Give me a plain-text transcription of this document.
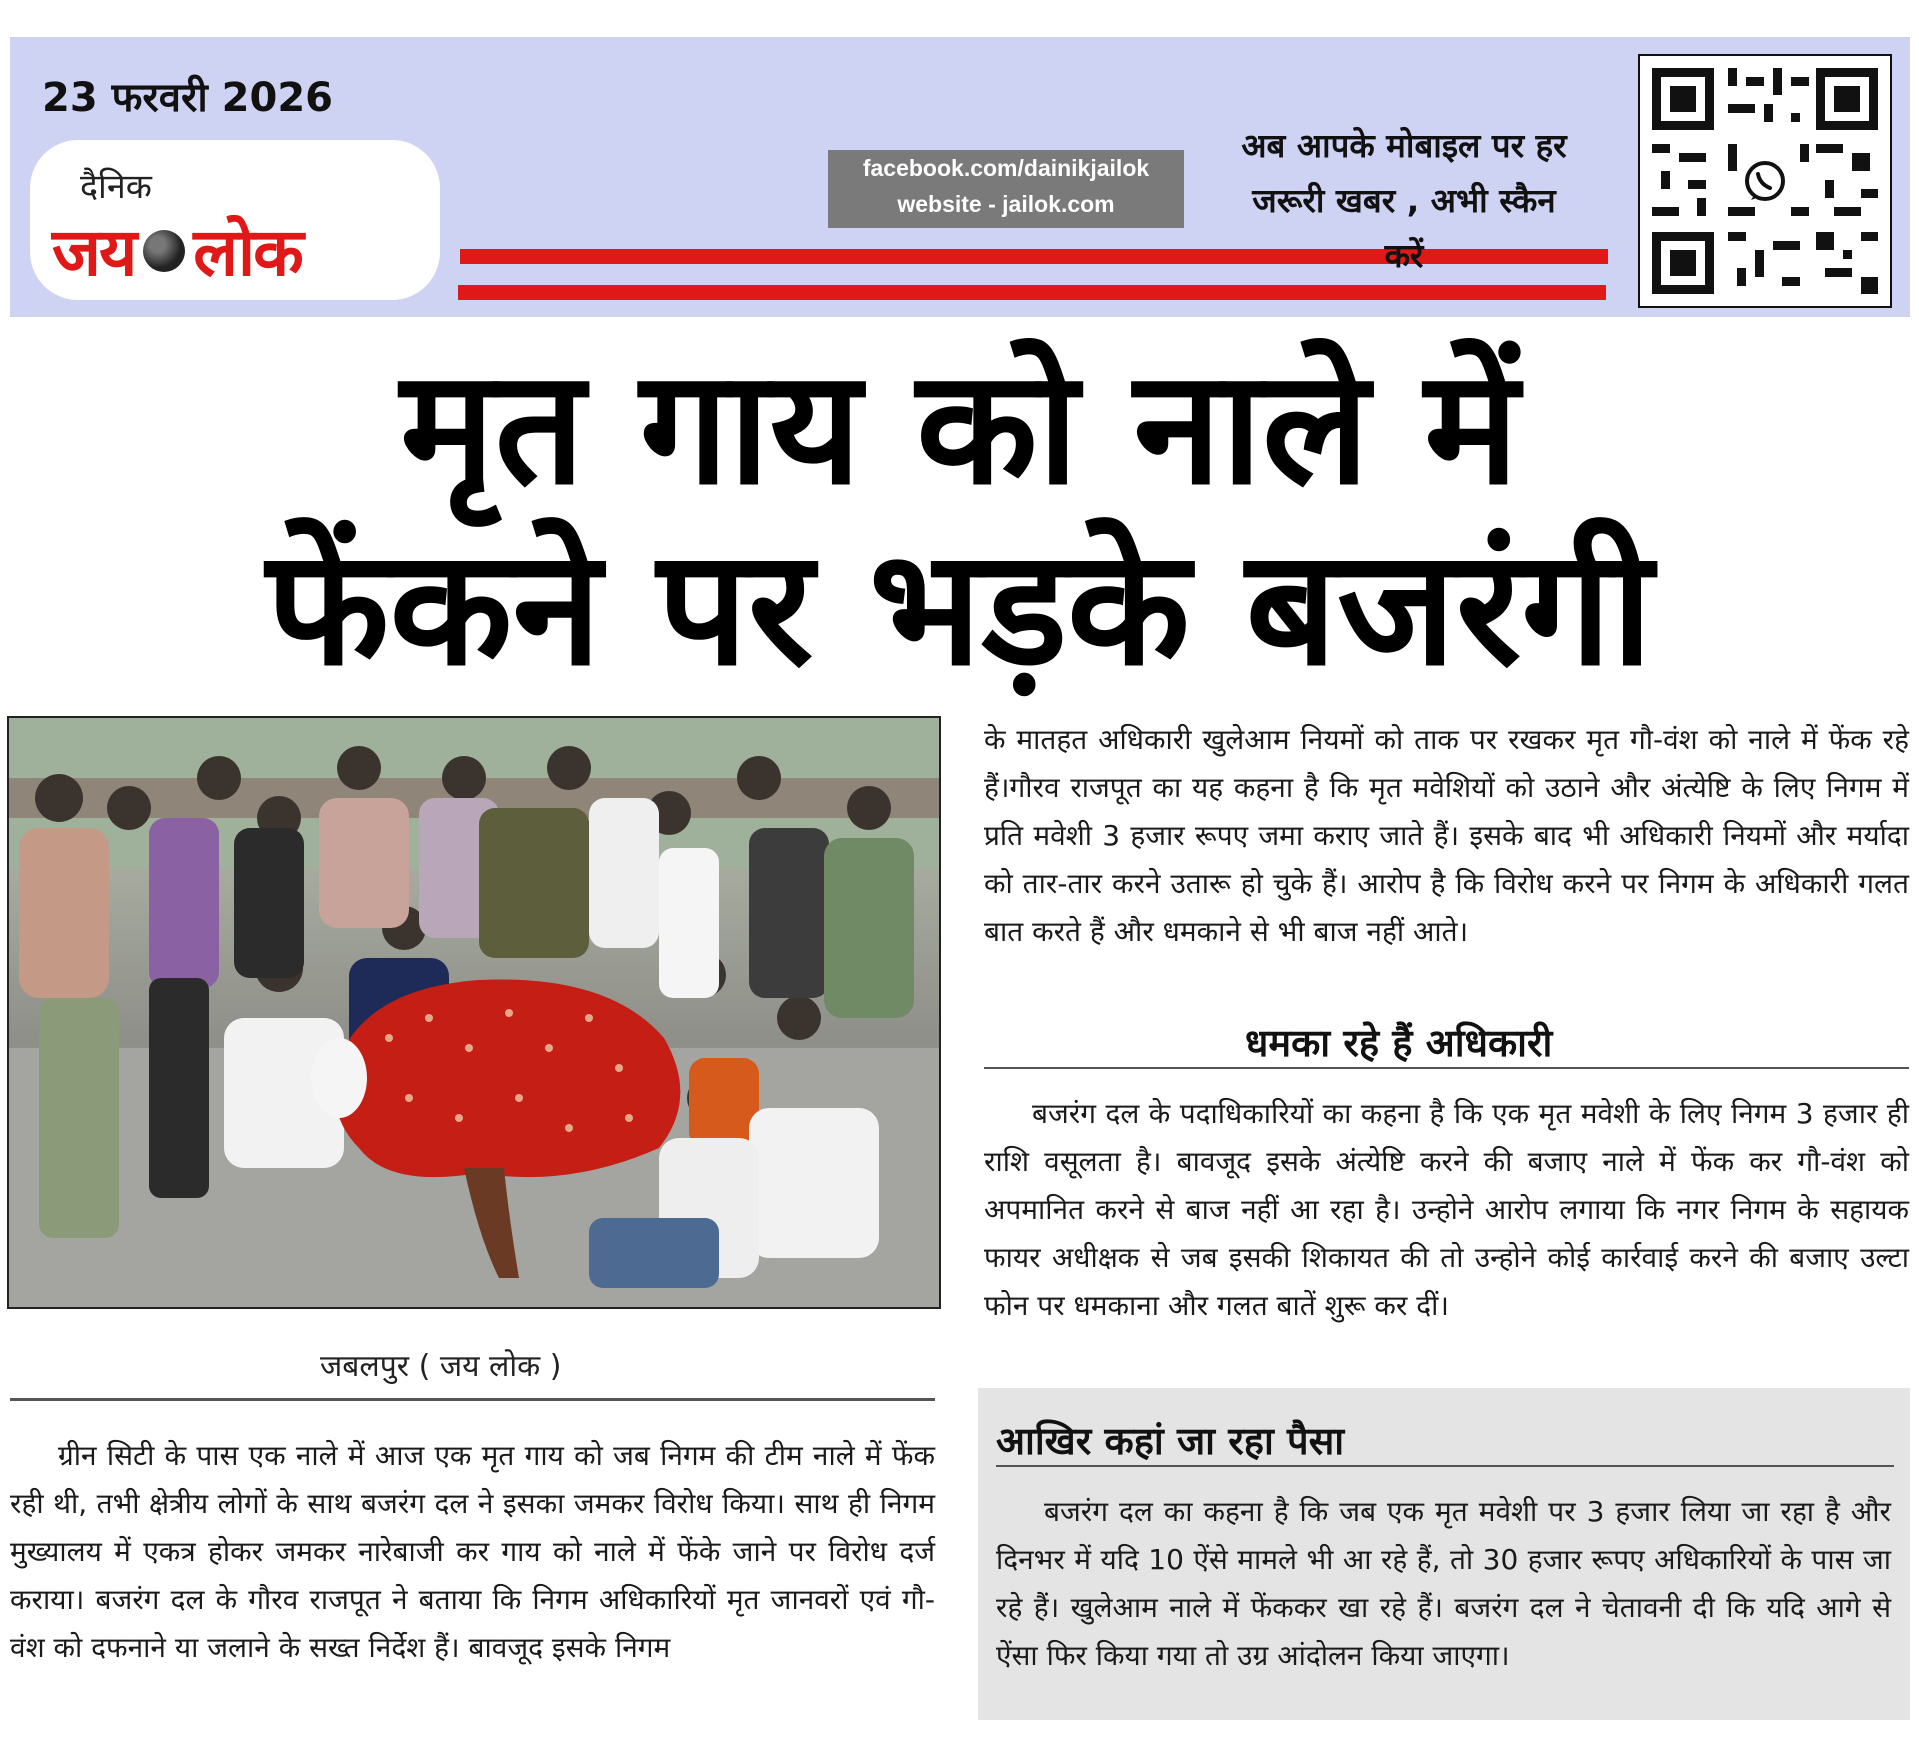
23 फरवरी 2026
दैनिक
जय लोक
facebook.com/dainikjailok
website - jailok.com
अब आपके मोबाइल पर हर
जरूरी खबर , अभी स्कैन करें
मृत गाय को नाले में
फेंकने पर भड़के बजरंगी
जबलपुर ( जय लोक )

ग्रीन सिटी के पास एक नाले में आज एक मृत गाय को जब निगम की टीम नाले में फेंक रही थी, तभी क्षेत्रीय लोगों के साथ बजरंग दल ने इसका जमकर विरोध किया। साथ ही निगम मुख्यालय में एकत्र होकर जमकर नारेबाजी कर गाय को नाले में फेंके जाने पर विरोध दर्ज कराया। बजरंग दल के गौरव राजपूत ने बताया कि निगम अधिकारियों मृत जानवरों एवं गौ-वंश को दफनाने या जलाने के सख्त निर्देश हैं। बावजूद इसके निगम

के मातहत अधिकारी खुलेआम नियमों को ताक पर रखकर मृत गौ-वंश को नाले में फेंक रहे हैं।गौरव राजपूत का यह कहना है कि मृत मवेशियों को उठाने और अंत्येष्टि के लिए निगम में प्रति मवेशी 3 हजार रूपए जमा कराए जाते हैं। इसके बाद भी अधिकारी नियमों और मर्यादा को तार-तार करने उतारू हो चुके हैं। आरोप है कि विरोध करने पर निगम के अधिकारी गलत बात करते हैं और धमकाने से भी बाज नहीं आते।

धमका रहे हैं अधिकारी

बजरंग दल के पदाधिकारियों का कहना है कि एक मृत मवेशी के लिए निगम 3 हजार ही राशि वसूलता है। बावजूद इसके अंत्येष्टि करने की बजाए नाले में फेंक कर गौ-वंश को अपमानित करने से बाज नहीं आ रहा है। उन्होने आरोप लगाया कि नगर निगम के सहायक फायर अधीक्षक से जब इसकी शिकायत की तो उन्होने कोई कार्रवाई करने की बजाए उल्टा फोन पर धमकाना और गलत बातें शुरू कर दीं।

आखिर कहां जा रहा पैसा

बजरंग दल का कहना है कि जब एक मृत मवेशी पर 3 हजार लिया जा रहा है और दिनभर में यदि 10 ऐंसे मामले भी आ रहे हैं, तो 30 हजार रूपए अधिकारियों के पास जा रहे हैं। खुलेआम नाले में फेंककर खा रहे हैं। बजरंग दल ने चेतावनी दी कि यदि आगे से ऐंसा फिर किया गया तो उग्र आंदोलन किया जाएगा।
